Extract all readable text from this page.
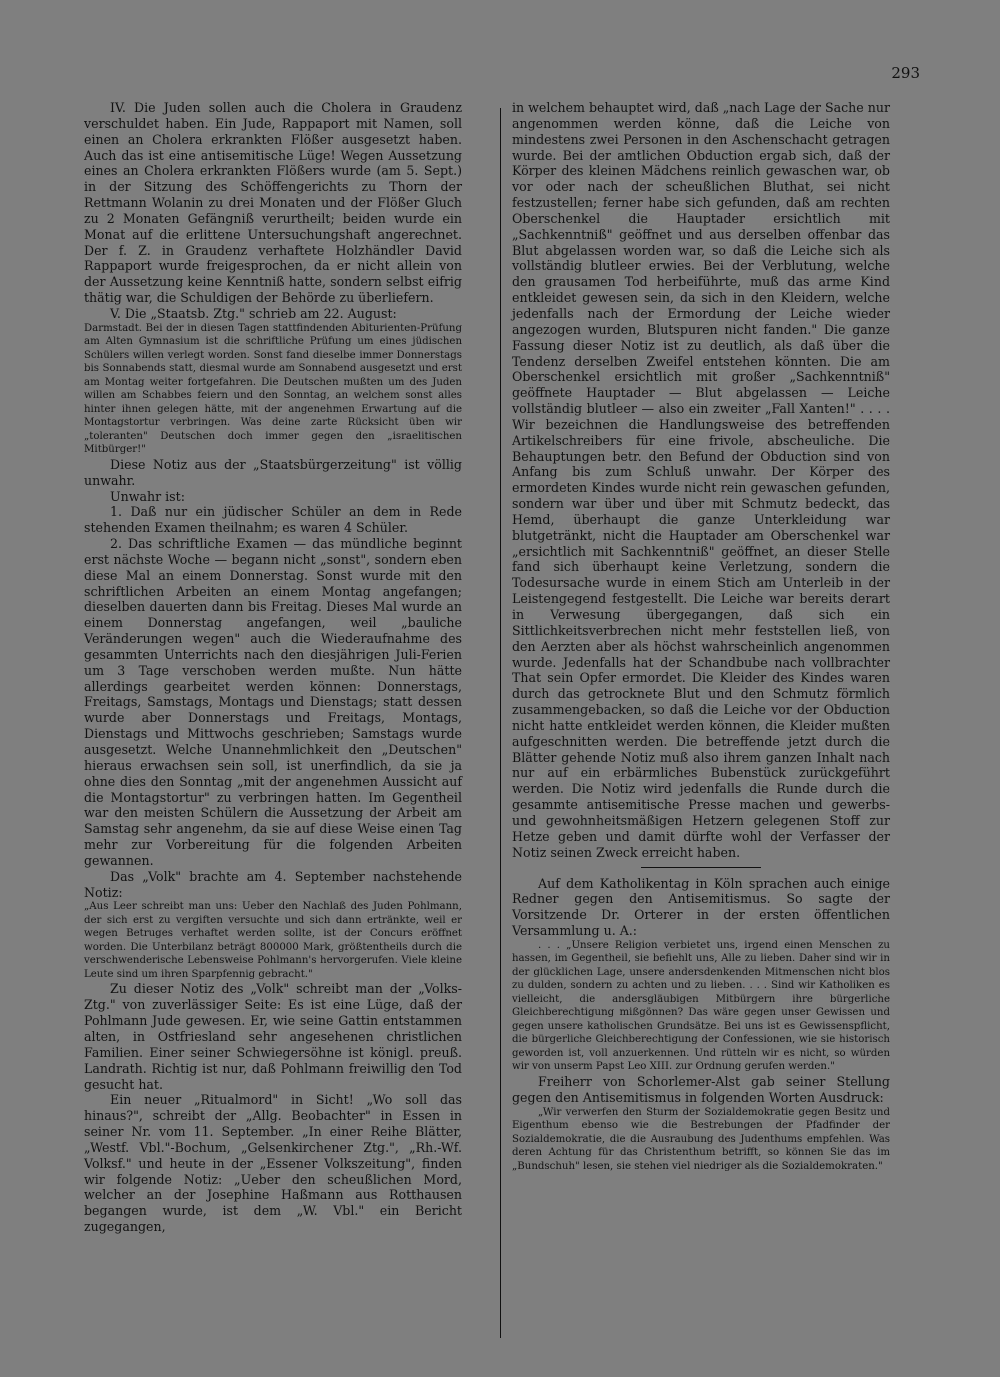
293

IV. Die Juden sollen auch die Cholera in Graudenz verschuldet haben. Ein Jude, Rappaport mit Namen, soll einen an Cholera erkrankten Flößer ausgesetzt haben. Auch das ist eine antisemitische Lüge! Wegen Aussetzung eines an Cholera erkrankten Flößers wurde (am 5. Sept.) in der Sitzung des Schöffengerichts zu Thorn der Rettmann Wolanin zu drei Monaten und der Flößer Gluch zu 2 Monaten Gefängniß verurtheilt; beiden wurde ein Monat auf die erlittene Untersuchungshaft angerechnet. Der f. Z. in Graudenz verhaftete Holzhändler David Rappaport wurde freigesprochen, da er nicht allein von der Aussetzung keine Kenntniß hatte, sondern selbst eifrig thätig war, die Schuldigen der Behörde zu überliefern.

V. Die „Staatsb. Ztg." schrieb am 22. August:

Darmstadt. Bei der in diesen Tagen stattfindenden Abiturienten-Prüfung am Alten Gymnasium ist die schriftliche Prüfung um eines jüdischen Schülers willen verlegt worden. Sonst fand dieselbe immer Donnerstags bis Sonnabends statt, diesmal wurde am Sonnabend ausgesetzt und erst am Montag weiter fortgefahren. Die Deutschen mußten um des Juden willen am Schabbes feiern und den Sonntag, an welchem sonst alles hinter ihnen gelegen hätte, mit der angenehmen Erwartung auf die Montagstortur verbringen. Was deine zarte Rücksicht üben wir „toleranten" Deutschen doch immer gegen den „israelitischen Mitbürger!"

Diese Notiz aus der „Staatsbürgerzeitung" ist völlig unwahr.

Unwahr ist:

1. Daß nur ein jüdischer Schüler an dem in Rede stehenden Examen theilnahm; es waren 4 Schüler.

2. Das schriftliche Examen — das mündliche beginnt erst nächste Woche — begann nicht „sonst", sondern eben diese Mal an einem Donnerstag. Sonst wurde mit den schriftlichen Arbeiten an einem Montag angefangen; dieselben dauerten dann bis Freitag. Dieses Mal wurde an einem Donnerstag angefangen, weil „bauliche Veränderungen wegen" auch die Wiederaufnahme des gesammten Unterrichts nach den diesjährigen Juli-Ferien um 3 Tage verschoben werden mußte. Nun hätte allerdings gearbeitet werden können: Donnerstags, Freitags, Samstags, Montags und Dienstags; statt dessen wurde aber Donnerstags und Freitags, Montags, Dienstags und Mittwochs geschrieben; Samstags wurde ausgesetzt. Welche Unannehmlichkeit den „Deutschen" hieraus erwachsen sein soll, ist unerfindlich, da sie ja ohne dies den Sonntag „mit der angenehmen Aussicht auf die Montagstortur" zu verbringen hatten. Im Gegentheil war den meisten Schülern die Aussetzung der Arbeit am Samstag sehr angenehm, da sie auf diese Weise einen Tag mehr zur Vorbereitung für die folgenden Arbeiten gewannen.

Das „Volk" brachte am 4. September nachstehende Notiz:

„Aus Leer schreibt man uns: Ueber den Nachlaß des Juden Pohlmann, der sich erst zu vergiften versuchte und sich dann ertränkte, weil er wegen Betruges verhaftet werden sollte, ist der Concurs eröffnet worden. Die Unterbilanz beträgt 800000 Mark, größtentheils durch die verschwenderische Lebensweise Pohlmann's hervorgerufen. Viele kleine Leute sind um ihren Sparpfennig gebracht."

Zu dieser Notiz des „Volk" schreibt man der „Volks-Ztg." von zuverlässiger Seite: Es ist eine Lüge, daß der Pohlmann Jude gewesen. Er, wie seine Gattin entstammen alten, in Ostfriesland sehr angesehenen christlichen Familien. Einer seiner Schwiegersöhne ist königl. preuß. Landrath. Richtig ist nur, daß Pohlmann freiwillig den Tod gesucht hat.

Ein neuer „Ritualmord" in Sicht! „Wo soll das hinaus?", schreibt der „Allg. Beobachter" in Essen in seiner Nr. vom 11. September. „In einer Reihe Blätter, „Westf. Vbl."-Bochum, „Gelsenkirchener Ztg.", „Rh.-Wf. Volksf." und heute in der „Essener Volkszeitung", finden wir folgende Notiz: „Ueber den scheußlichen Mord, welcher an der Josephine Haßmann aus Rotthausen begangen wurde, ist dem „W. Vbl." ein Bericht zugegangen,

in welchem behauptet wird, daß „nach Lage der Sache nur angenommen werden könne, daß die Leiche von mindestens zwei Personen in den Aschenschacht getragen wurde. Bei der amtlichen Obduction ergab sich, daß der Körper des kleinen Mädchens reinlich gewaschen war, ob vor oder nach der scheußlichen Bluthat, sei nicht festzustellen; ferner habe sich gefunden, daß am rechten Oberschenkel die Hauptader ersichtlich mit „Sachkenntniß" geöffnet und aus derselben offenbar das Blut abgelassen worden war, so daß die Leiche sich als vollständig blutleer erwies. Bei der Verblutung, welche den grausamen Tod herbeiführte, muß das arme Kind entkleidet gewesen sein, da sich in den Kleidern, welche jedenfalls nach der Ermordung der Leiche wieder angezogen wurden, Blutspuren nicht fanden." Die ganze Fassung dieser Notiz ist zu deutlich, als daß über die Tendenz derselben Zweifel entstehen könnten. Die am Oberschenkel ersichtlich mit großer „Sachkenntniß" geöffnete Hauptader — Blut abgelassen — Leiche vollständig blutleer — also ein zweiter „Fall Xanten!" . . . . Wir bezeichnen die Handlungsweise des betreffenden Artikelschreibers für eine frivole, abscheuliche. Die Behauptungen betr. den Befund der Obduction sind von Anfang bis zum Schluß unwahr. Der Körper des ermordeten Kindes wurde nicht rein gewaschen gefunden, sondern war über und über mit Schmutz bedeckt, das Hemd, überhaupt die ganze Unterkleidung war blutgetränkt, nicht die Hauptader am Oberschenkel war „ersichtlich mit Sachkenntniß" geöffnet, an dieser Stelle fand sich überhaupt keine Verletzung, sondern die Todesursache wurde in einem Stich am Unterleib in der Leistengegend festgestellt. Die Leiche war bereits derart in Verwesung übergegangen, daß sich ein Sittlichkeitsverbrechen nicht mehr feststellen ließ, von den Aerzten aber als höchst wahrscheinlich angenommen wurde. Jedenfalls hat der Schandbube nach vollbrachter That sein Opfer ermordet. Die Kleider des Kindes waren durch das getrocknete Blut und den Schmutz förmlich zusammengebacken, so daß die Leiche vor der Obduction nicht hatte entkleidet werden können, die Kleider mußten aufgeschnitten werden. Die betreffende jetzt durch die Blätter gehende Notiz muß also ihrem ganzen Inhalt nach nur auf ein erbärmliches Bubenstück zurückgeführt werden. Die Notiz wird jedenfalls die Runde durch die gesammte antisemitische Presse machen und gewerbs- und gewohnheitsmäßigen Hetzern gelegenen Stoff zur Hetze geben und damit dürfte wohl der Verfasser der Notiz seinen Zweck erreicht haben.

Auf dem Katholikentag in Köln sprachen auch einige Redner gegen den Antisemitismus. So sagte der Vorsitzende Dr. Orterer in der ersten öffentlichen Versammlung u. A.:

. . . „Unsere Religion verbietet uns, irgend einen Menschen zu hassen, im Gegentheil, sie befiehlt uns, Alle zu lieben. Daher sind wir in der glücklichen Lage, unsere andersdenkenden Mitmenschen nicht blos zu dulden, sondern zu achten und zu lieben. . . . Sind wir Katholiken es vielleicht, die andersgläubigen Mitbürgern ihre bürgerliche Gleichberechtigung mißgönnen? Das wäre gegen unser Gewissen und gegen unsere katholischen Grundsätze. Bei uns ist es Gewissenspflicht, die bürgerliche Gleichberechtigung der Confessionen, wie sie historisch geworden ist, voll anzuerkennen. Und rütteln wir es nicht, so würden wir von unserm Papst Leo XIII. zur Ordnung gerufen werden."

Freiherr von Schorlemer-Alst gab seiner Stellung gegen den Antisemitismus in folgenden Worten Ausdruck:

„Wir verwerfen den Sturm der Sozialdemokratie gegen Besitz und Eigenthum ebenso wie die Bestrebungen der Pfadfinder der Sozialdemokratie, die die Ausraubung des Judenthums empfehlen. Was deren Achtung für das Christenthum betrifft, so können Sie das im „Bundschuh" lesen, sie stehen viel niedriger als die Sozialdemokraten."
